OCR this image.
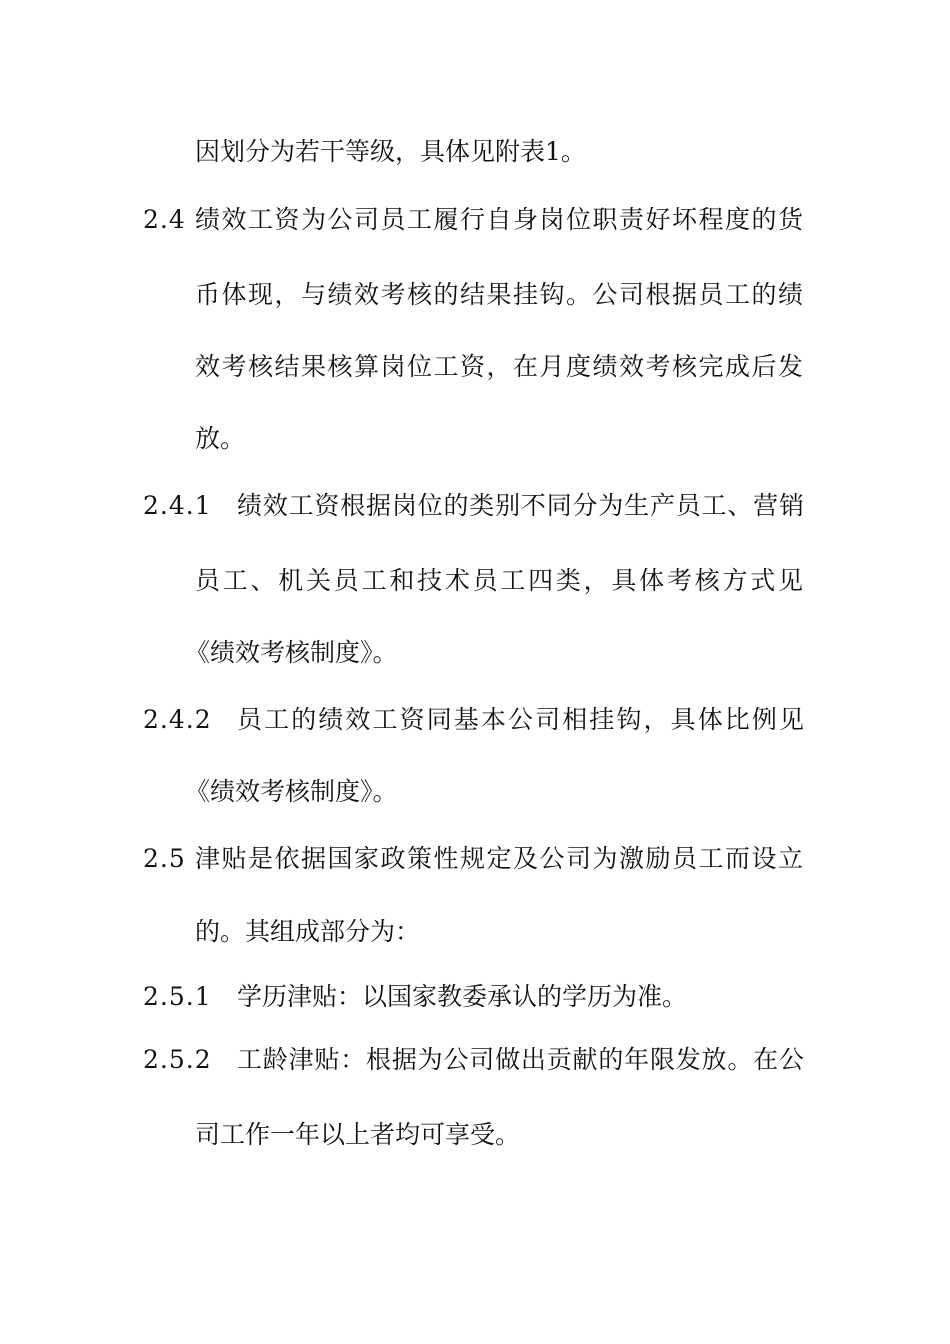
因划分为若干等级，具体见附表1。
2.4 绩效工资为公司员工履行自身岗位职责好坏程度的货
币体现，与绩效考核的结果挂钩。公司根据员工的绩
效考核结果核算岗位工资，在月度绩效考核完成后发
放。
2.4.1 绩效工资根据岗位的类别不同分为生产员工、营销
员工、机关员工和技术员工四类，具体考核方式见
《绩效考核制度》。
2.4.2 员工的绩效工资同基本公司相挂钩，具体比例见
《绩效考核制度》。
2.5 津贴是依据国家政策性规定及公司为激励员工而设立
的。其组成部分为：
2.5.1 学历津贴：以国家教委承认的学历为准。
2.5.2 工龄津贴：根据为公司做出贡献的年限发放。在公
司工作一年以上者均可享受。
